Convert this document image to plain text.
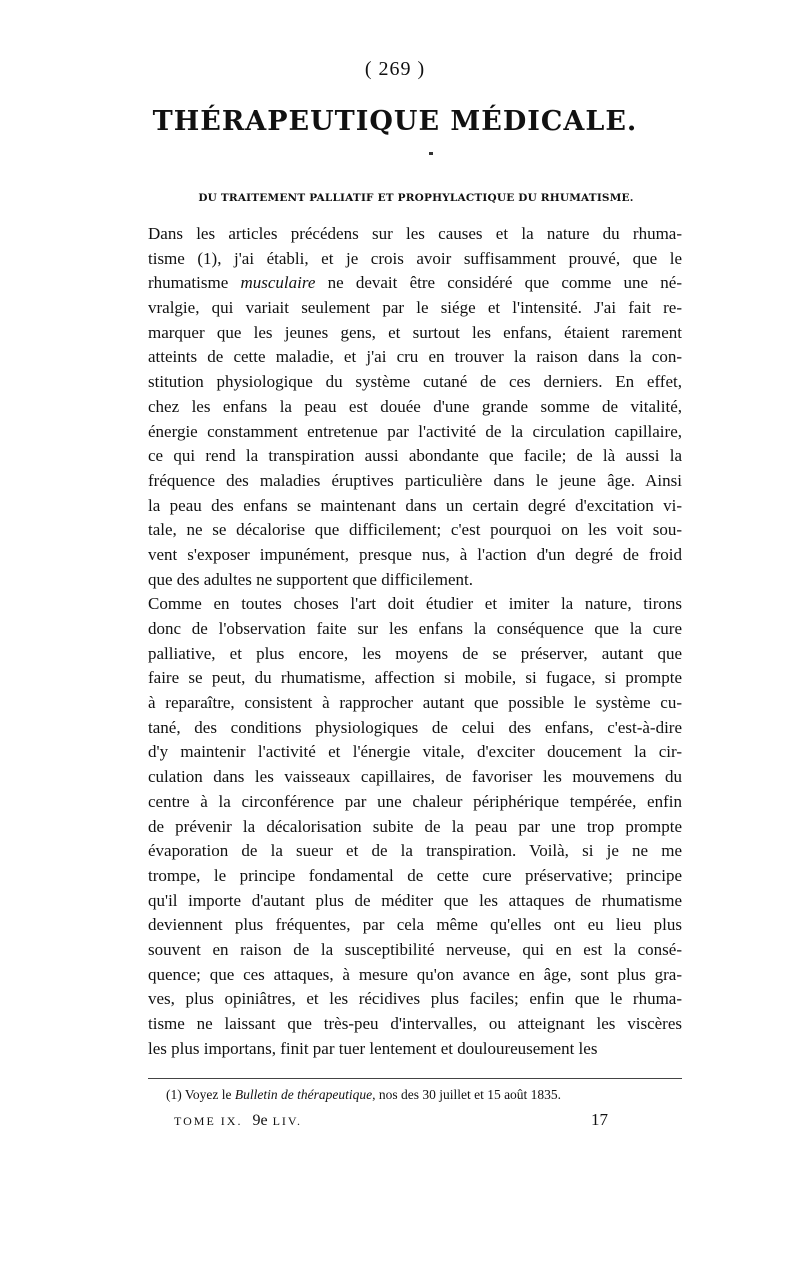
( 269 )
THÉRAPEUTIQUE MÉDICALE.
DU TRAITEMENT PALLIATIF ET PROPHYLACTIQUE DU RHUMATISME.
Dans les articles précédens sur les causes et la nature du rhuma-
tisme (1), j'ai établi, et je crois avoir suffisamment prouvé, que le
rhumatisme musculaire ne devait être considéré que comme une né-
vralgie, qui variait seulement par le siége et l'intensité. J'ai fait re-
marquer que les jeunes gens, et surtout les enfans, étaient rarement
atteints de cette maladie, et j'ai cru en trouver la raison dans la con-
stitution physiologique du système cutané de ces derniers. En effet,
chez les enfans la peau est douée d'une grande somme de vitalité,
énergie constamment entretenue par l'activité de la circulation capillaire,
ce qui rend la transpiration aussi abondante que facile; de là aussi la
fréquence des maladies éruptives particulière dans le jeune âge. Ainsi
la peau des enfans se maintenant dans un certain degré d'excitation vi-
tale, ne se décalorise que difficilement; c'est pourquoi on les voit sou-
vent s'exposer impunément, presque nus, à l'action d'un degré de froid
que des adultes ne supportent que difficilement.
Comme en toutes choses l'art doit étudier et imiter la nature, tirons
donc de l'observation faite sur les enfans la conséquence que la cure
palliative, et plus encore, les moyens de se préserver, autant que
faire se peut, du rhumatisme, affection si mobile, si fugace, si prompte
à reparaître, consistent à rapprocher autant que possible le système cu-
tané, des conditions physiologiques de celui des enfans, c'est-à-dire
d'y maintenir l'activité et l'énergie vitale, d'exciter doucement la cir-
culation dans les vaisseaux capillaires, de favoriser les mouvemens du
centre à la circonférence par une chaleur périphérique tempérée, enfin
de prévenir la décalorisation subite de la peau par une trop prompte
évaporation de la sueur et de la transpiration. Voilà, si je ne me
trompe, le principe fondamental de cette cure préservative; principe
qu'il importe d'autant plus de méditer que les attaques de rhumatisme
deviennent plus fréquentes, par cela même qu'elles ont eu lieu plus
souvent en raison de la susceptibilité nerveuse, qui en est la consé-
quence; que ces attaques, à mesure qu'on avance en âge, sont plus gra-
ves, plus opiniâtres, et les récidives plus faciles; enfin que le rhuma-
tisme ne laissant que très-peu d'intervalles, ou atteignant les viscères
les plus importans, finit par tuer lentement et douloureusement les
(1) Voyez le Bulletin de thérapeutique, nos des 30 juillet et 15 août 1835.
TOME IX. 9e LIV.	17
